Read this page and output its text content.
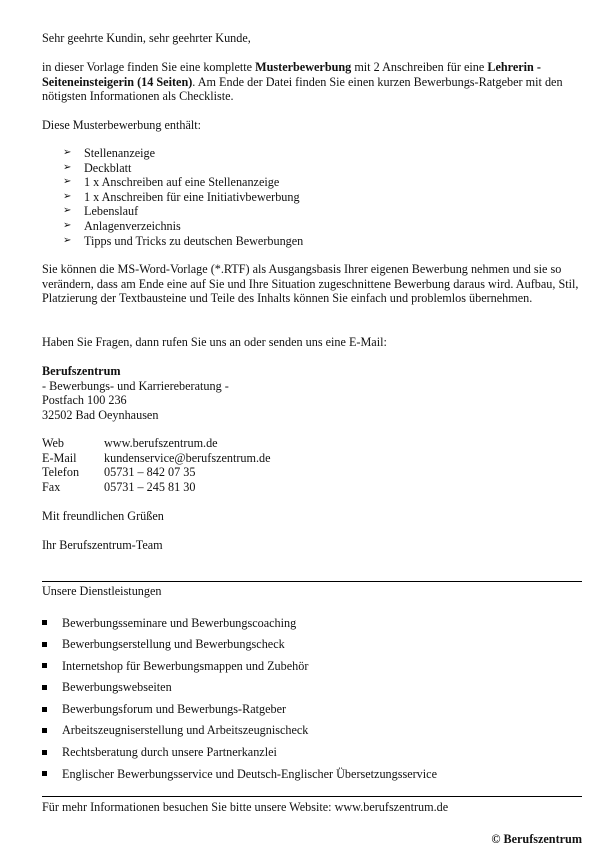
Sehr geehrte Kundin, sehr geehrter Kunde,

in dieser Vorlage finden Sie eine komplette Musterbewerbung mit 2 Anschreiben für eine Lehrerin - Seiteneinsteigerin (14 Seiten). Am Ende der Datei finden Sie einen kurzen Bewerbungs-Ratgeber mit den nötigsten Informationen als Checkliste.

Diese Musterbewerbung enthält:

➢	Stellenanzeige
➢	Deckblatt
➢	1 x Anschreiben auf eine Stellenanzeige
➢	1 x Anschreiben für eine Initiativbewerbung
➢	Lebenslauf
➢	Anlagenverzeichnis
➢	Tipps und Tricks zu deutschen Bewerbungen

Sie können die MS-Word-Vorlage (*.RTF) als Ausgangsbasis Ihrer eigenen Bewerbung nehmen und sie so verändern, dass am Ende eine auf Sie und Ihre Situation zugeschnittene Bewerbung daraus wird. Aufbau, Stil, Platzierung der Textbausteine und Teile des Inhalts können Sie einfach und problemlos übernehmen.

Haben Sie Fragen, dann rufen Sie uns an oder senden uns eine E-Mail:

Berufszentrum

- Bewerbungs- und Karriereberatung -

Postfach 100 236

32502 Bad Oeynhausen

Web	www.berufszentrum.de
E-Mail	kundenservice@berufszentrum.de
Telefon	05731 – 842 07 35
Fax	05731 – 245 81 30

Mit freundlichen Grüßen

Ihr Berufszentrum-Team

Unsere Dienstleistungen

Bewerbungsseminare und Bewerbungscoaching
Bewerbungserstellung und Bewerbungscheck
Internetshop für Bewerbungsmappen und Zubehör
Bewerbungswebseiten
Bewerbungsforum und Bewerbungs-Ratgeber
Arbeitszeugniserstellung und Arbeitszeugnischeck
Rechtsberatung durch unsere Partnerkanzlei
Englischer Bewerbungsservice und Deutsch-Englischer Übersetzungsservice

Für mehr Informationen besuchen Sie bitte unsere Website: www.berufszentrum.de

© Berufszentrum
